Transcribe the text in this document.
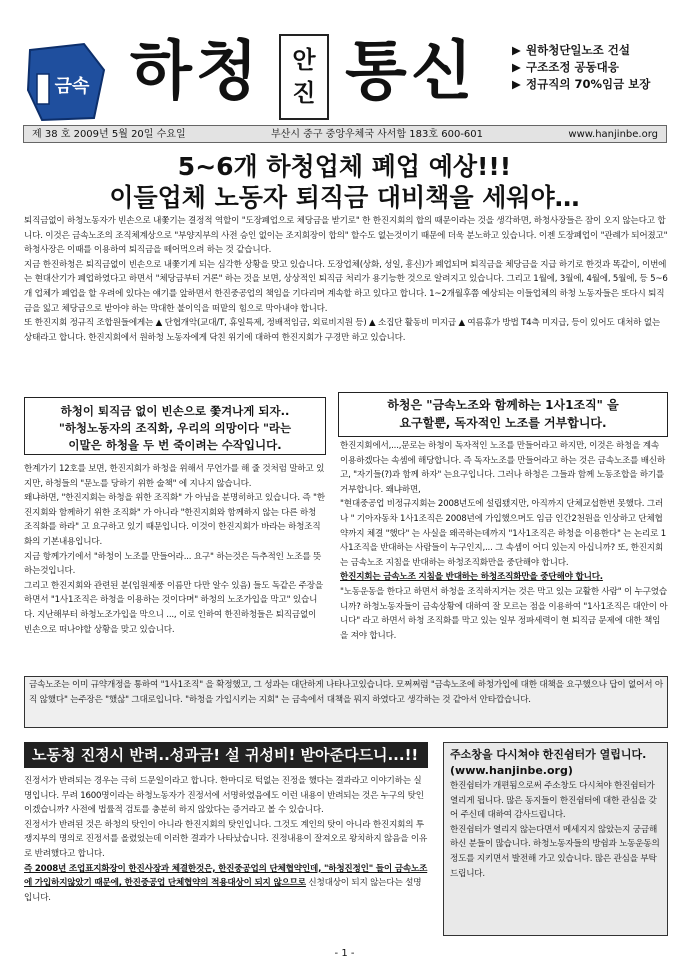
금속 하청 안
진 통신	▶ 원하청단일노조 건설
▶ 구조조정 공동대응
▶ 정규직의 70%임금 보장
제 38 호 2009년 5월 20일 수요일	부산시 중구 중앙우체국 사서함 183호 600-601	www.hanjinbe.org
5~6개 하청업체 폐업 예상!!!
이들업체 노동자 퇴직금 대비책을 세워야…

퇴직금없이 하청노동자가 빈손으로 내쫓기는 결정적 역할이 "도장폐업으로 체당금을 받기로" 한 한진지회의 합의 때문이라는 것을 생각하면, 하청사장들은 잠이 오지 않는다고 합니다. 이것은 금속노조의 조직체계상으로 "부양지부의 사전 승인 없이는 조지회장이 합의" 할수도 없는것이기 때문에 더욱 분노하고 있습니다. 이젠 도장폐업이 "관례가 되어졌고" 하청사장은 이때를 이용하여 퇴직금을 떼어먹으려 하는 것 같습니다.

지금 한진하청은 퇴직금없이 빈손으로 내쫓기게 되는 심각한 상황을 맞고 있습니다. 도장업체(상화, 성일, 흥신)가 폐업되며 퇴직금을 체당금을 지급 하기로 한것과 똑같이, 이번에는 현대산기가 폐업하였다고 하면서 "체당금부터 거론" 하는 것을 보면, 상상적인 퇴직금 처리가 용기능한 것으로 알려지고 있습니다. 그리고 1월에, 3월에, 4월에, 5월에, 등 5~6개 업체가 폐업을 할 우려에 있다는 얘기를 앞하면서 한진중공업의 책임을 기다리며 계속할 하고 있다고 합니다. 1~2개월후쯤 예상되는 이들업체의 하청 노동자들은 또다시 퇴직금을 잃고 체당금으로 받아야 하는 막대한 불이익을 떠맡의 힘으로 막아내야 합니다.

또 한진지회 정규직 조합원들에게는 ▲ 단협개악(교대/T, 휴일특제, 정배적임금, 외료비지원 등) ▲ 소집단 활동비 미지급 ▲ 여름휴가 방법 T4측 미지급, 등이 있어도 대처하 없는상태라고 합니다. 한진지회에서 원하청 노동자에게 닥친 위기에 대하여 한진지회가 구경만 하고 있습니다.

하청이 퇴직금 없이 빈손으로 쫓겨나게 되자..
"하청노동자의 조직화, 우리의 의망이다 "라는
이말은 하청을 두 번 죽이려는 수작입니다.

한계가기 12호를 보면, 한진지회가 하청을 위해서 무언가를 해 줄 것처럼 말하고 있지만, 하청들의 "문노를 당하기 위한 술책" 에 지나지 않습니다.

왜냐하면, "한진지회는 하청을 위한 조직화" 가 아님을 분명히하고 있습니다. 즉 "한진지회와 함께하기 위한 조직화" 가 아니라 "한진지회와 함께하지 않는 다른 하청 조직화를 하라" 고 요구하고 있기 때문입니다. 이것이 한진지회가 바라는 하청조직화의 기본내용입니다.

지금 항께가기에서 "하청이 노조를 만들어라... 요구" 하는것은 득추적인 노조를 뜻하는것입니다.

그리고 한진지회와 관련된 분(임원제풍 이름만 다만 알수 있음) 들도 독같은 주장을 하면서 "1사1조직은 하청을 이용하는 것이다며" 하청의 노조가입을 막고" 있습니다. 지난해부터 하청노조가입을 막으니 ..., 이로 인하여 한진하청들은 퇴직금없이 빈손으로 떠나야할 상황을 맞고 있습니다.

하청은 "금속노조와 함께하는 1사1조직" 을
요구할뿐, 독자적인 노조를 거부합니다.

한진지회에서,...,문로는 하청이 독자적인 노조를 만들어라고 하지만, 이것은 하청을 계속 이용하겠다는 속셈에 해당합니다. 즉 독자노조를 만들어라고 하는 것은 금속노조를 배신하고, "자기들(?)과 함께 하자" 는요구입니다. 그러나 하청은 그들과 함께 노동조합을 하기를 거부합니다. 왜냐하면,

"현대중공업 비정규지회는 2008년도에 설립됐지만, 아직까지 단체교섭한번 못했다. 그러나 " 기아자동차 1사1조직은 2008년에 가입했으며도 임금 인간2천원을 인상하고 단체협약까지 체결 "했다" 는 사실을 왜곡하는데까지 "1사1조직은 하청을 이용한다" 는 논리로 1사1조직을 반대하는 사람들이 누구인지,... 그 속셈이 어디 있는지 아십니까? 또, 한진지회는 금속노조 지침을 반대하는 하청조직화만을 중단해야 합니다.

한진지회는 금속노조 지침을 반대하는 하청조직화만을 중단해야 합니다.

"노동운동을 한다고 하면서 하청을 조직하지거는 것은 막고 있는 교활한 사람" 이 누구였습니까? 하청노동자들이 금속상황에 대하여 잘 모르는 점을 이용하여 "1사1조직은 대안이 아니다" 라고 하면서 하청 조직화를 막고 있는 일부 정파세력이 현 퇴직금 문제에 대한 책임을 져야 합니다.

금속노조는 이미 규약개정을 통하여 "1사1조직" 을 확정했고, 그 성과는 대단하게 나타나고있습니다. 모쩌쩌럼 "금속노조에 하청가입에 대한 대책을 요구했으나 답이 없어서 아직 않했다" 는주장은 "했삲" 그대로입니다. "하청을 가입시키는 지회" 는 금속에서 대책을 뭐지 하였다고 생각하는 것 같아서 안타깝습니다.

노동청 진정시 반려..성과금! 설 귀성비! 받아준다드니...!!

진정서가 반려되는 경우는 극히 드문일이라고 합니다. 한마디로 턱없는 진정을 했다는 결과라고 이야기하는 실명입니다. 무려 1600명이라는 하청노동자가 진정서에 서명하였음에도 이런 내용이 반려되는 것은 누구의 탓인이겠습니까? 사전에 법률적 검토를 충분히 하지 않았다는 증거라고 볼 수 있습니다.

진정서가 반려된 것은 하청의 탓인이 아니라 한진지회의 탓인입니다. 그것도 계인의 탓이 아니라 한진지회의 투쟁지부의 명의로 진정서를 올렸었는데 이러한 결과가 나타났습니다. 진정내용이 잘져오로 왕치하지 않음을 이유로 반려했다고 합니다.

즉 2008년 조업표지화장이 한진사장과 체결한것은, 한진중공업의 단체협약인데, "하청진정인" 들이 금속노조에 가입하지않았기 때문에, 한진중공업 단체협약의 적용대상이 되지 않으므로 신청대상이 되지 않는다는 설명입니다.

주소창을 다시쳐야 한진쉼터가 열립니다.(www.hanjinbe.org)

한진쉼터가 개편됨으로써 주소창도 다시쳐야 한진쉼터가 열리게 됩니다. 많은 동지들이 한진쉼터에 대한 관심을 갖어 주신데 대하여 감사드립니다.

한진쉼터가 열리지 않는다면서 메세지지 않았는지 궁금해 하신 분들이 많습니다. 하청노동자들의 방쉼과 노동운동의 정도를 지키면서 발전해 가고 있습니다. 많은 관심을 부탁드립니다.

- 1 -
